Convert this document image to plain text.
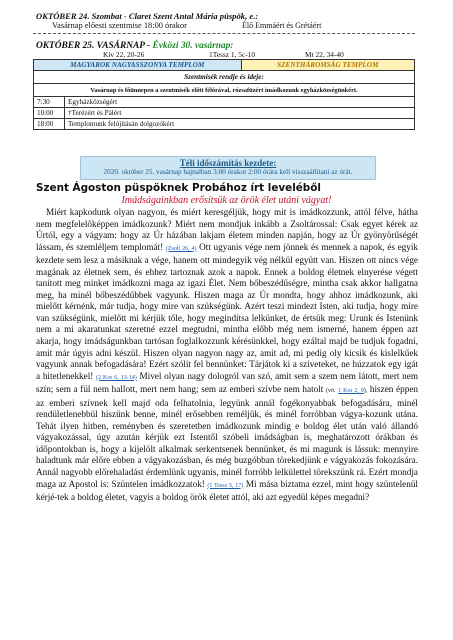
OKTÓBER 24. Szombat - Claret Szent Antal Mária püspök, e.:
Vasárnap előesti szentmise 18:00 órakor	Élő Emmáért és Grétáért
OKTÓBER 25. VASÁRNAP - Évközi 30. vasárnap:
Kiv 22, 20-26	1Tessz 1, 5c-10	Mt 22, 34-40
MAGYAROK NAGYASSZONYA TEMPLOM		SZENTHÁROMSÁG TEMPLOM
Szentmisék rendje és ideje:		
Vasárnap és főünnepen a szentmisék előtt félórával, rózsafüzért imádkozunk egyházközségünkért.		
7:30	Egyházközségért	
10:00	†Terézért és Pálért	
18:00	Templomunk felújításán dolgozókért	
Téli időszámítás kezdete:
2020. október 25. vasárnap hajnalban 3:00 órakor 2:00 órára kell visszaállítani az órát.
Szent Ágoston püspöknek Probához írt leveléből
Imádságainkban erősítsük az örök élet utáni vágyat!

Miért kapkodunk olyan nagyon, és miért keresgéljük, hogy mit is imádkozzunk, attól félve, hátha nem megfelelőképpen imádkozunk? Miért nem mondjuk inkább a Zsoltárossal: Csak egyet kérek az Úrtól, egy a vágyam: hogy az Úr házában lakjam életem minden napján, hogy az Úr gyönyörűségét lássam, és szemléljem templomát! (Zsolt 26, 4) Ott ugyanis vége nem jönnek és mennek a napok, és egyik kezdete sem lesz a másiknak a vége, hanem ott mindegyik vég nélkül együtt van. Hiszen ott nincs vége magának az életnek sem, és ehhez tartoznak azok a napok. Ennek a boldog életnek elnyerése végett tanított meg minket imádkozni maga az igazi Élet. Nem bőbeszédűségre, mintha csak akkor hallgatna meg, ha minél bőbeszédűbbek vagyunk. Hiszen maga az Úr mondta, hogy ahhoz imádkozunk, aki mielőtt kérnénk, már tudja, hogy mire van szükségünk. Azért teszi mindezt Isten, aki tudja, hogy mire van szükségünk, mielőtt mi kérjük tőle, hogy megindítsa lelkünket, de értsük meg: Urunk és Istenünk nem a mi akaratunkat szeretné ezzel megtudni, mintha előbb még nem ismerné, hanem éppen azt akarja, hogy imádságunkban tartósan foglalkozzunk kérésünkkel, hogy ezáltal majd be tudjuk fogadni, amit már úgyis adni készül. Hiszen olyan nagyon nagy az, amit ad, mi pedig oly kicsik és kislelkűek vagyunk annak befogadására! Ezért szólít fel bennünket: Tárjátok ki a szíveteket, ne húzzatok egy igát a hitetlenekkel! (2 Kor 6, 13-14) Mivel olyan nagy dologról van szó, amit sem a szem nem látott, mert nem szín; sem a fül nem hallott, mert nem hang; sem az emberi szívbe nem hatolt (vö. 1 Kor 2, 9), hiszen éppen az emberi szívnek kell majd oda felhatolnia, legyünk annál fogékonyabbak befogadására, minél rendületlenebbül hiszünk benne, minél erősebben reméljük, és minél forróbban vágya-kozunk utána. Tehát ilyen hitben, reményben és szeretetben imádkozunk mindig e boldog élet után való állandó vágyakozással, úgy azután kérjük ezt Istentől szóbeli imádságban is, meghatározott órákban és időpontokban is, hogy a kijelölt alkalmak serkentsenek bennünket, és mi magunk is lássuk: mennyire haladtunk már előre ebben a vágyakozásban, és még buzgóbban törekedjünk e vágyakozás fokozására. Annál nagyobb előrehaladást érdemlünk ugyanis, minél forróbb lelkülettel törekszünk rá. Ezért mondja maga az Apostol is: Szüntelen imádkozzatok! (1 Tessz 5, 17) Mi mása biztatna ezzel, mint hogy szüntelenül kérjé-tek a boldog életet, vagyis a boldog örök életet attól, aki azt egyedül képes megadni?
